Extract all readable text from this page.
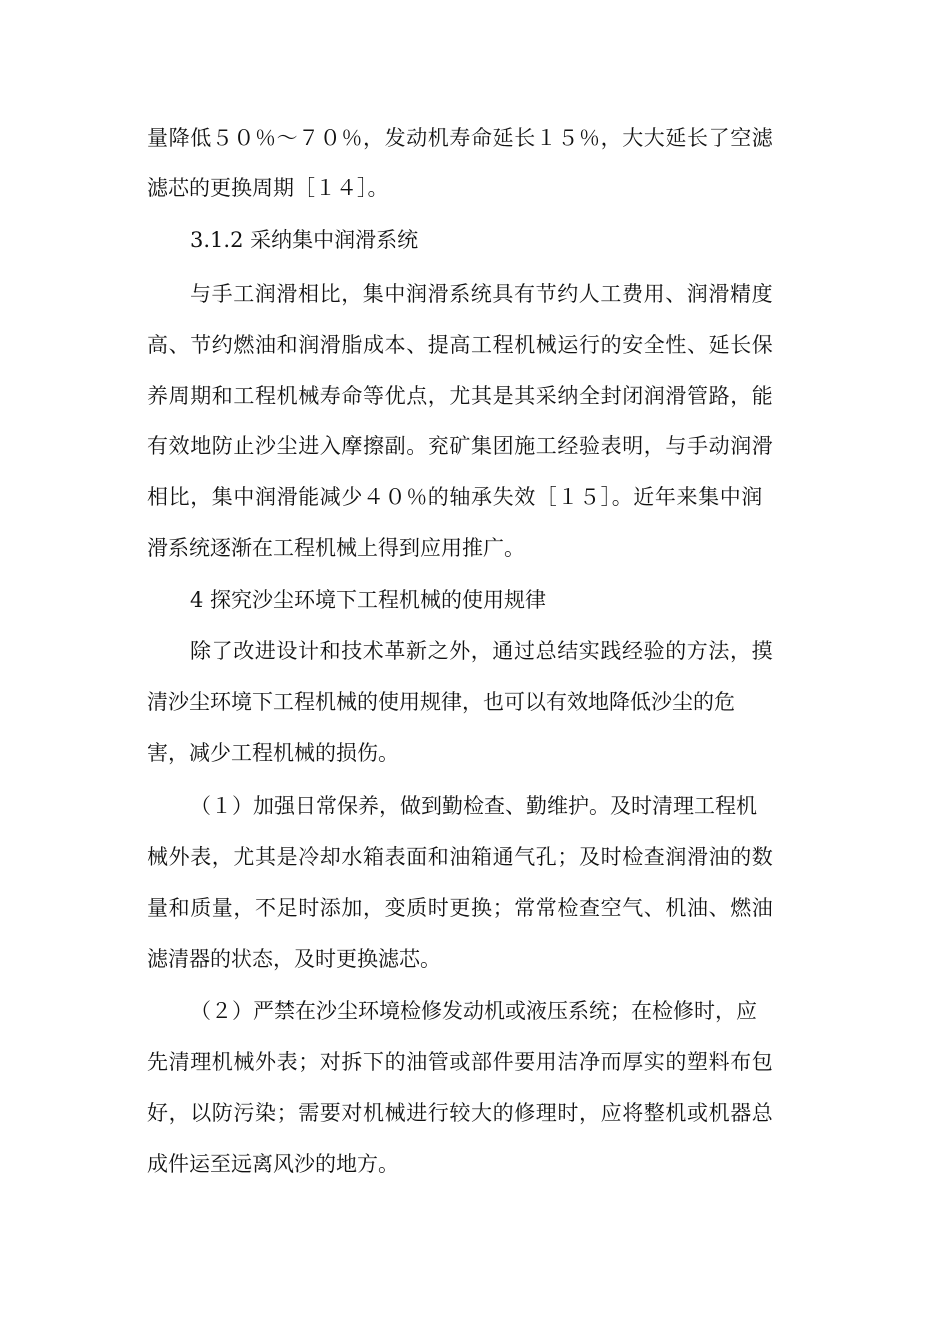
量降低５０％～７０％，发动机寿命延长１５％，大大延长了空滤
滤芯的更换周期［１４］。
3.1.2 采纳集中润滑系统
与手工润滑相比，集中润滑系统具有节约人工费用、润滑精度
高、节约燃油和润滑脂成本、提高工程机械运行的安全性、延长保
养周期和工程机械寿命等优点，尤其是其采纳全封闭润滑管路，能
有效地防止沙尘进入摩擦副。兖矿集团施工经验表明，与手动润滑
相比，集中润滑能减少４０％的轴承失效［１５］。近年来集中润
滑系统逐渐在工程机械上得到应用推广。
4 探究沙尘环境下工程机械的使用规律
除了改进设计和技术革新之外，通过总结实践经验的方法，摸
清沙尘环境下工程机械的使用规律，也可以有效地降低沙尘的危
害，减少工程机械的损伤。
（１）加强日常保养，做到勤检查、勤维护。及时清理工程机
械外表，尤其是冷却水箱表面和油箱通气孔；及时检查润滑油的数
量和质量，不足时添加，变质时更换；常常检查空气、机油、燃油
滤清器的状态，及时更换滤芯。
（２）严禁在沙尘环境检修发动机或液压系统；在检修时，应
先清理机械外表；对拆下的油管或部件要用洁净而厚实的塑料布包
好，以防污染；需要对机械进行较大的修理时，应将整机或机器总
成件运至远离风沙的地方。
